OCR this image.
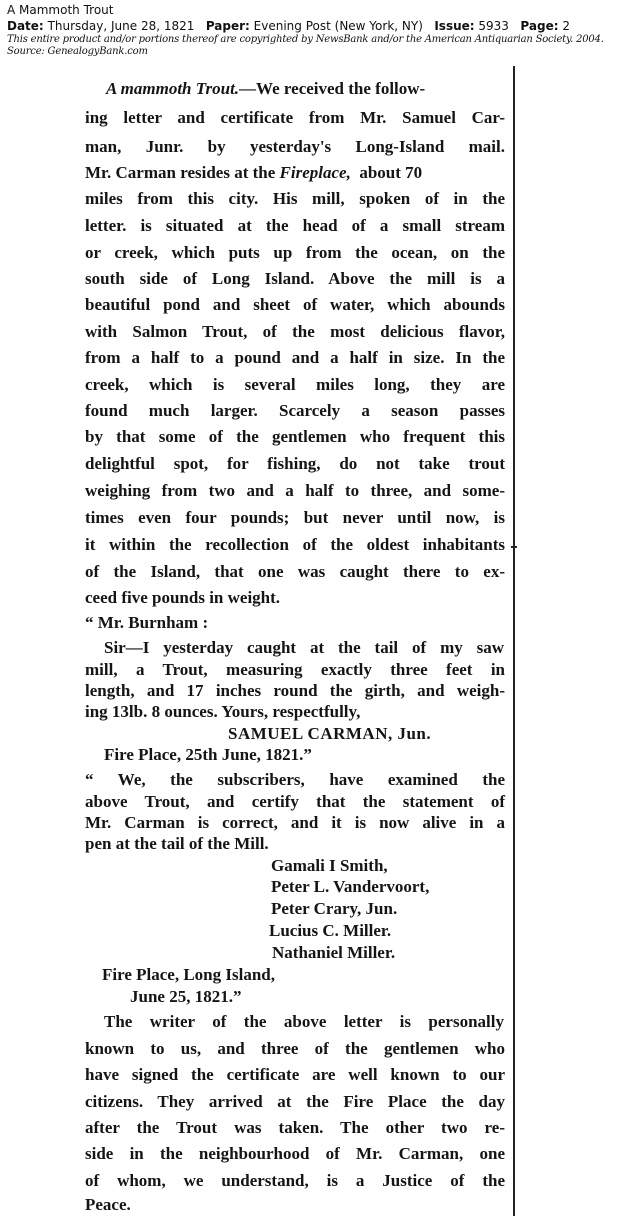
A Mammoth Trout
Date: Thursday, June 28, 1821 Paper: Evening Post (New York, NY) Issue: 5933 Page: 2
This entire product and/or portions thereof are copyrighted by NewsBank and/or the American Antiquarian Society. 2004.
Source: GenealogyBank.com
A mammoth Trout.—We received the follow-
ing letter and certificate from Mr. Samuel Car-
man, Junr. by yesterday's Long-Island mail.
Mr. Carman resides at the Fireplace, about 70
miles from this city. His mill, spoken of in the
letter. is situated at the head of a small stream
or creek, which puts up from the ocean, on the
south side of Long Island. Above the mill is a
beautiful pond and sheet of water, which abounds
with Salmon Trout, of the most delicious flavor,
from a half to a pound and a half in size. In the
creek, which is several miles long, they are
found much larger. Scarcely a season passes
by that some of the gentlemen who frequent this
delightful spot, for fishing, do not take trout
weighing from two and a half to three, and some-
times even four pounds; but never until now, is
it within the recollection of the oldest inhabitants
of the Island, that one was caught there to ex-
ceed five pounds in weight.
“ Mr. Burnham :
Sir—I yesterday caught at the tail of my saw
mill, a Trout, measuring exactly three feet in
length, and 17 inches round the girth, and weigh-
ing 13lb. 8 ounces. Yours, respectfully,
SAMUEL CARMAN, Jun.
Fire Place, 25th June, 1821.”
“ We, the subscribers, have examined the
above Trout, and certify that the statement of
Mr. Carman is correct, and it is now alive in a
pen at the tail of the Mill.
Gamali I Smith,
Peter L. Vandervoort,
Peter Crary, Jun.
Lucius C. Miller.
Nathaniel Miller.
Fire Place, Long Island,
June 25, 1821.”
The writer of the above letter is personally
known to us, and three of the gentlemen who
have signed the certificate are well known to our
citizens. They arrived at the Fire Place the day
after the Trout was taken. The other two re-
side in the neighbourhood of Mr. Carman, one
of whom, we understand, is a Justice of the
Peace.
